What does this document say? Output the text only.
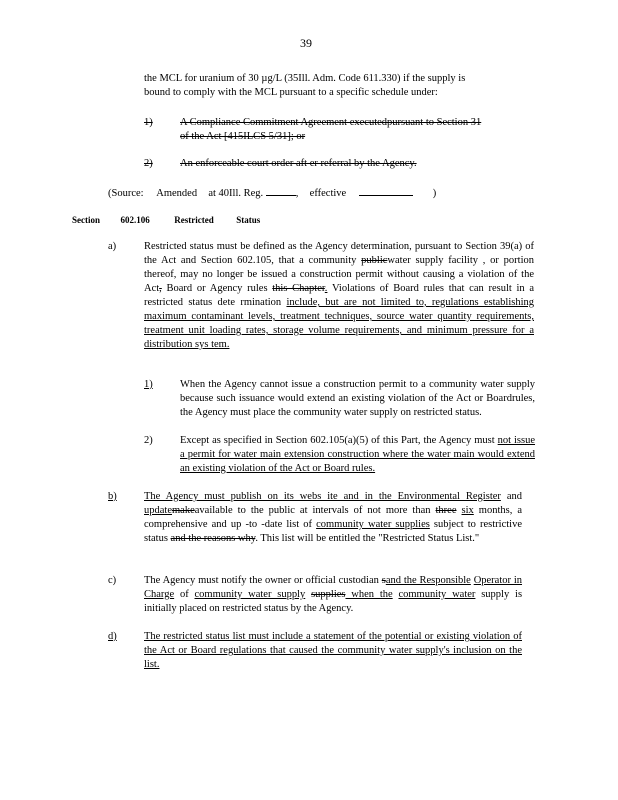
39
the MCL for uranium of 30 µg/L (35Ill. Adm. Code 611.330) if the supply is
bound to comply with the MCL pursuant to a specific schedule under:
1)	A Compliance Commitment Agreement executedpursuant to Section 31
of the Act [415ILCS 5/31]; or
2)	An enforceable court order aft er referral by the Agency.
(Source: Amended at 40Ill. Reg.	, effective	)
Section 602.106	Restricted	Status
a)	Restricted status must be defined as the Agency determination, pursuant to Section 39(a) of the Act and Section 602.105, that a community publicwater supply facility , or portion thereof, may no longer be issued a construction permit without causing a violation of the Act, Board or Agency rules this Chapter. Violations of Board rules that can result in a restricted status dete rmination include, but are not limited to, regulations establishing maximum contaminant levels, treatment techniques, source water quantity requirements, treatment unit loading rates, storage volume requirements, and minimum pressure for a distribution sys tem.
1)	When the Agency cannot issue a construction permit to a community water supply because such issuance would extend an existing violation of the Act or Boardrules, the Agency must place the community water supply on restricted status.
2)	Except as specified in Section 602.105(a)(5) of this Part, the Agency must not issue a permit for water main extension construction where the water main would extend an existing violation of the Act or Board rules.
b)	The Agency must publish on its webs ite and in the Environmental Register and updatemakeavailable to the public at intervals of not more than three six months, a comprehensive and up -to -date list of community water supplies subject to restrictive status and the reasons why. This list will be entitled the "Restricted Status List."
c)	The Agency must notify the owner or official custodian sand the Responsible Operator in Charge of community water supply supplies when the community water supply is initially placed on restricted status by the Agency.
d)	The restricted status list must include a statement of the potential or existing violation of the Act or Board regulations that caused the community water supply's inclusion on the list.
